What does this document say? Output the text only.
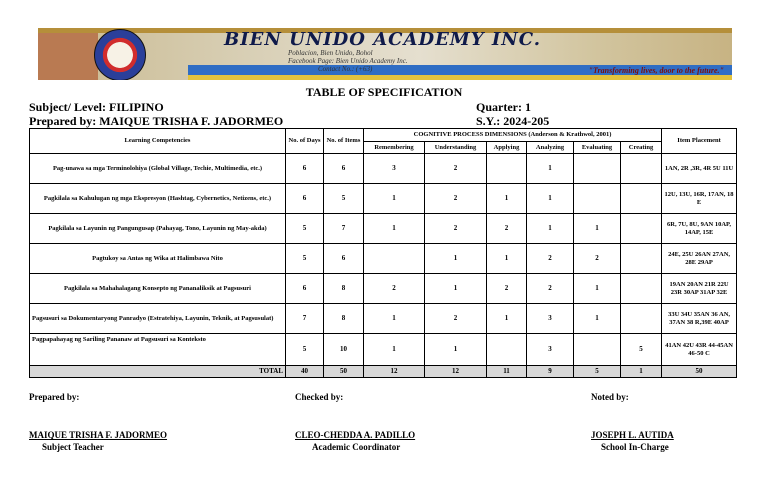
BIEN UNIDO ACADEMY INC.
Poblacion, Bien Unido, Bohol
Facebook Page: Bien Unido Academy Inc.
Contact No.: (+63)	"Transforming lives, door to the future."
TABLE OF SPECIFICATION
Subject/ Level: FILIPINO
Prepared by: MAIQUE TRISHA F. JADORMEO
Quarter: 1
S.Y.: 2024-205
Learning Competencies	No. of Days	No. of Items	COGNITIVE PROCESS DIMENSIONS (Anderson & Krathwol, 2001)						Item Placement
			Remembering	Understanding	Applying	Analyzing	Evaluating	Creating	
Pag-unawa sa mga Terminolohiya (Global Village, Techie, Multimedia, etc.)	6	6	3	2		1			1AN, 2R ,3R, 4R 5U 11U
Pagkilala sa Kahulugan ng mga Ekspresyon (Hashtag, Cybernetics, Netizens, etc.)	6	5	1	2	1	1			12U, 13U, 16R, 17AN, 18 E
Pagkilala sa Layunin ng Pangungusap (Pahayag, Tono, Layunin ng May-akda)	5	7	1	2	2	1	1		6R, 7U, 8U, 9AN 10AP, 14AP, 15E
Pagtukoy sa Antas ng Wika at Halimbawa Nito	5	6		1	1	2	2		24E, 25U 26AN 27AN, 28E 29AP
Pagkilala sa Mahahalagang Konsepto ng Pananaliksik at Pagsusuri	6	8	2	1	2	2	1		19AN 20AN 21R 22U 23R 30AP 31AP 32E
Pagsusuri sa Dokumentaryong Panradyo (Estratehiya, Layunin, Teknik, at Pagsusulat)	7	8	1	2	1	3	1		33U 34U 35AN 36 AN, 37AN 38 R,39E 40AP
Pagpapahayag ng Sariling Pananaw at Pagsusuri sa Konteksto	5	10	1	1		3		5	41AN 42U 43R 44-45AN 46-50 C
TOTAL	40	50	12	12	11	9	5	1	50
Prepared by:	Checked by:	Noted by:
MAIQUE TRISHA F. JADORMEO	CLEO-CHEDDA A. PADILLO	JOSEPH L. AUTIDA
Subject Teacher	Academic Coordinator	School In-Charge
